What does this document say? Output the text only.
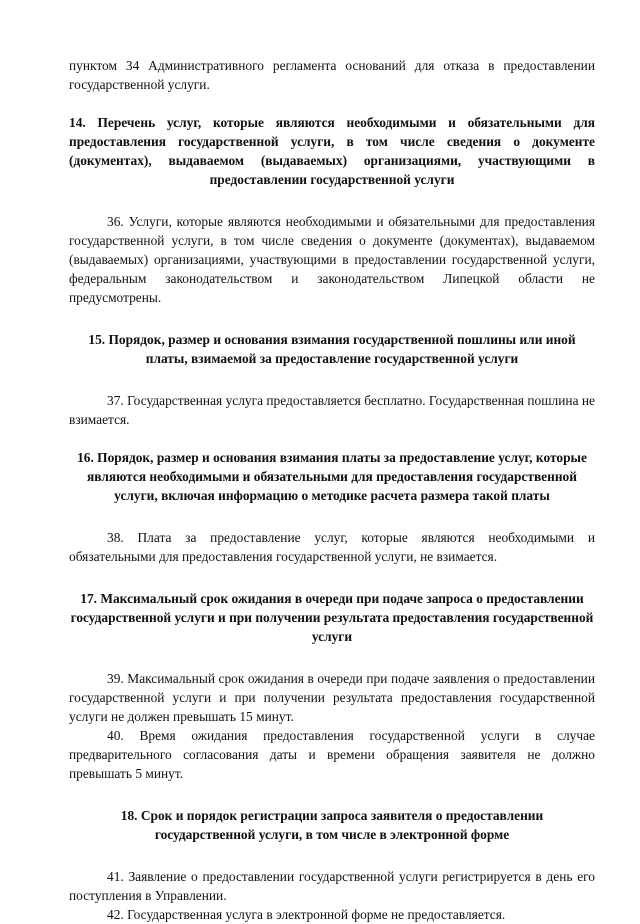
пунктом 34 Административного регламента оснований для отказа в предоставлении государственной услуги.

14. Перечень услуг, которые являются необходимыми и обязательными для предоставления государственной услуги, в том числе сведения о документе (документах), выдаваемом (выдаваемых) организациями, участвующими в предоставлении государственной услуги

36. Услуги, которые являются необходимыми и обязательными для предоставления государственной услуги, в том числе сведения о документе (документах), выдаваемом (выдаваемых) организациями, участвующими в предоставлении государственной услуги, федеральным законодательством и законодательством Липецкой области не предусмотрены.

15. Порядок, размер и основания взимания государственной пошлины или иной платы, взимаемой за предоставление государственной услуги

37. Государственная услуга предоставляется бесплатно. Государственная пошлина не взимается.

16. Порядок, размер и основания взимания платы за предоставление услуг, которые являются необходимыми и обязательными для предоставления государственной услуги, включая информацию о методике расчета размера такой платы

38. Плата за предоставление услуг, которые являются необходимыми и обязательными для предоставления государственной услуги, не взимается.

17. Максимальный срок ожидания в очереди при подаче запроса о предоставлении государственной услуги и при получении результата предоставления государственной услуги

39. Максимальный срок ожидания в очереди при подаче заявления о предоставлении государственной услуги и при получении результата предоставления государственной услуги не должен превышать 15 минут.

40. Время ожидания предоставления государственной услуги в случае предварительного согласования даты и времени обращения заявителя не должно превышать 5 минут.

18. Срок и порядок регистрации запроса заявителя о предоставлении государственной услуги, в том числе в электронной форме

41. Заявление о предоставлении государственной услуги регистрируется в день его поступления в Управлении.

42. Государственная услуга в электронной форме не предоставляется.
